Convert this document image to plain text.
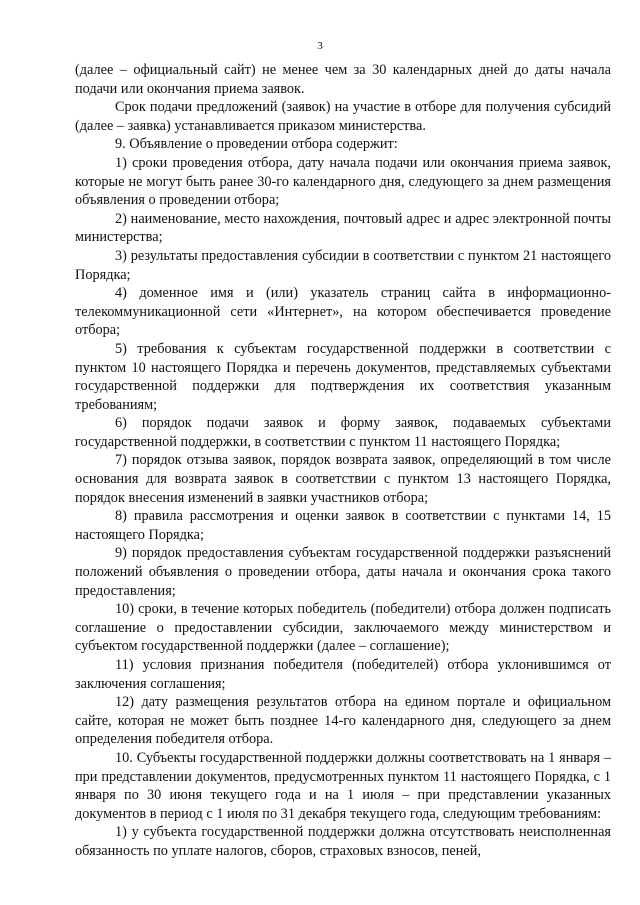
3

(далее – официальный сайт) не менее чем за 30 календарных дней до даты начала подачи или окончания приема заявок.

Срок подачи предложений (заявок) на участие в отборе для получения субсидий (далее – заявка) устанавливается приказом министерства.

9. Объявление о проведении отбора содержит:

1) сроки проведения отбора, дату начала подачи или окончания приема заявок, которые не могут быть ранее 30-го календарного дня, следующего за днем размещения объявления о проведении отбора;

2) наименование, место нахождения, почтовый адрес и адрес электронной почты министерства;

3) результаты предоставления субсидии в соответствии с пунктом 21 настоящего Порядка;

4) доменное имя и (или) указатель страниц сайта в информационно-телекоммуникационной сети «Интернет», на котором обеспечивается проведение отбора;

5) требования к субъектам государственной поддержки в соответствии с пунктом 10 настоящего Порядка и перечень документов, представляемых субъектами государственной поддержки для подтверждения их соответствия указанным требованиям;

6) порядок подачи заявок и форму заявок, подаваемых субъектами государственной поддержки, в соответствии с пунктом 11 настоящего Порядка;

7) порядок отзыва заявок, порядок возврата заявок, определяющий в том числе основания для возврата заявок в соответствии с пунктом 13 настоящего Порядка, порядок внесения изменений в заявки участников отбора;

8) правила рассмотрения и оценки заявок в соответствии с пунктами 14, 15 настоящего Порядка;

9) порядок предоставления субъектам государственной поддержки разъяснений положений объявления о проведении отбора, даты начала и окончания срока такого предоставления;

10) сроки, в течение которых победитель (победители) отбора должен подписать соглашение о предоставлении субсидии, заключаемого между министерством и субъектом государственной поддержки (далее – соглашение);

11) условия признания победителя (победителей) отбора уклонившимся от заключения соглашения;

12) дату размещения результатов отбора на едином портале и официальном сайте, которая не может быть позднее 14-го календарного дня, следующего за днем определения победителя отбора.

10. Субъекты государственной поддержки должны соответствовать на 1 января – при представлении документов, предусмотренных пунктом 11 настоящего Порядка, с 1 января по 30 июня текущего года и на 1 июля – при представлении указанных документов в период с 1 июля по 31 декабря текущего года, следующим требованиям:

1) у субъекта государственной поддержки должна отсутствовать неисполненная обязанность по уплате налогов, сборов, страховых взносов, пеней,
